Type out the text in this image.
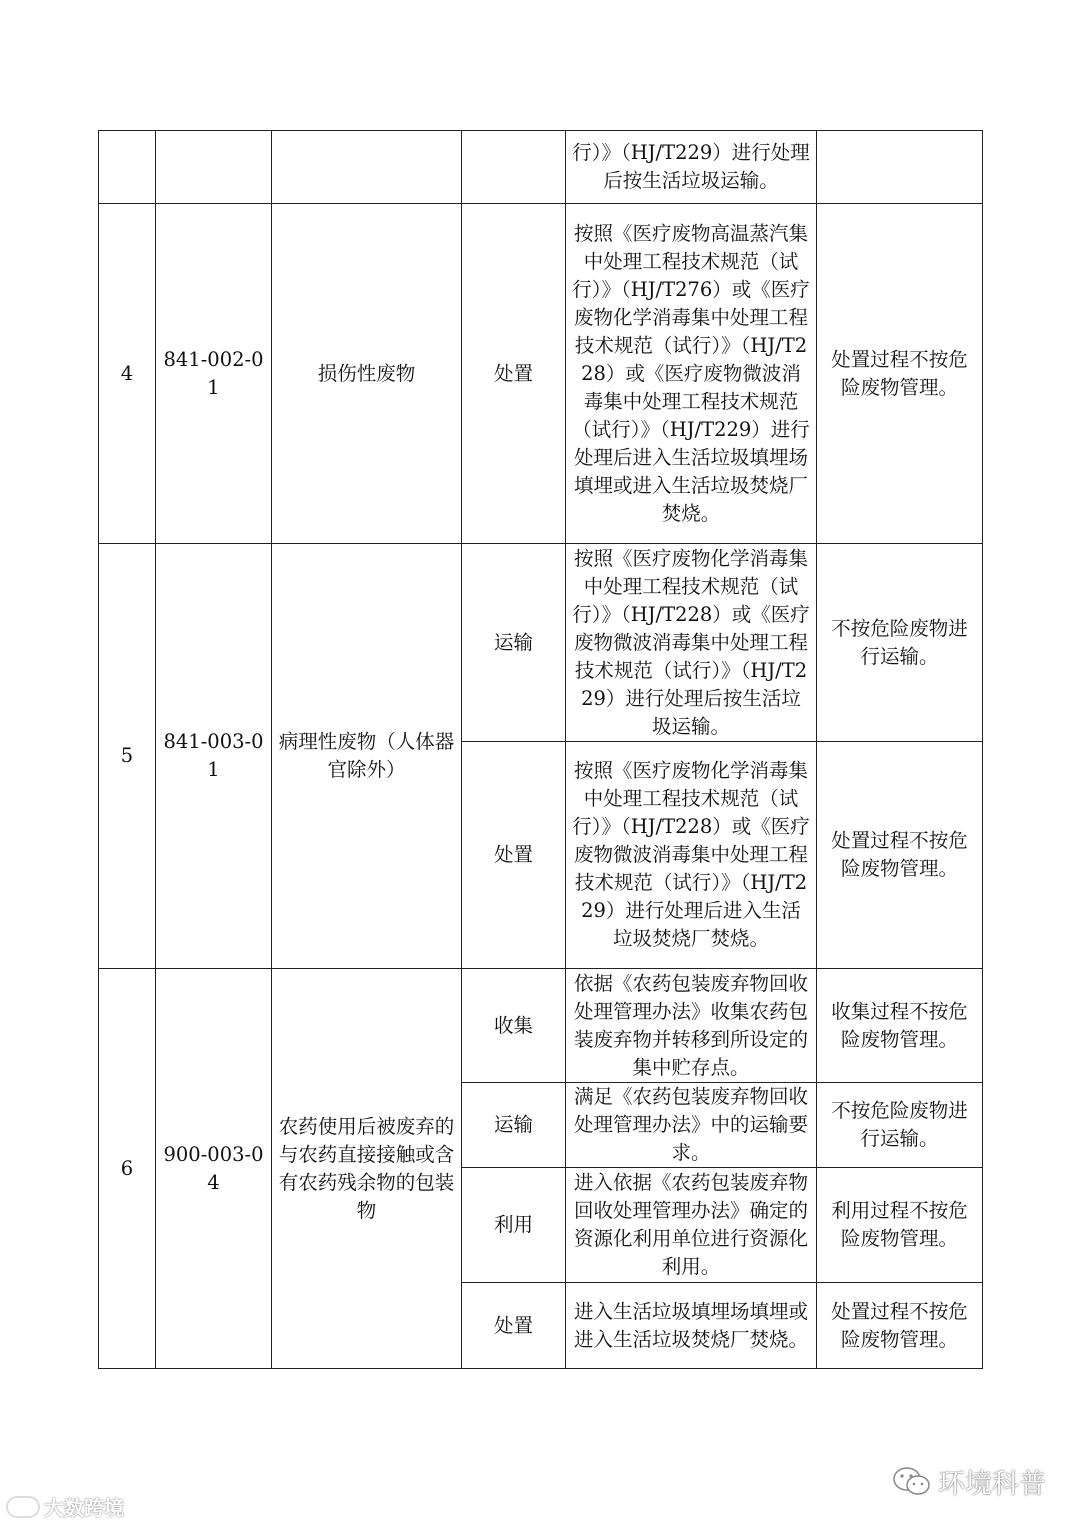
				行）》（HJ/T229）进行处理后按生活垃圾运输。	
4	841-002-01	损伤性废物	处置	按照《医疗废物高温蒸汽集中处理工程技术规范（试行）》（HJ/T276）或《医疗废物化学消毒集中处理工程技术规范（试行）》（HJ/T228）或《医疗废物微波消毒集中处理工程技术规范（试行）》（HJ/T229）进行处理后进入生活垃圾填埋场填埋或进入生活垃圾焚烧厂焚烧。	处置过程不按危险废物管理。
5	841-003-01	病理性废物（人体器官除外）	运输	按照《医疗废物化学消毒集中处理工程技术规范（试行）》（HJ/T228）或《医疗废物微波消毒集中处理工程技术规范（试行）》（HJ/T229）进行处理后按生活垃圾运输。	不按危险废物进行运输。
			处置	按照《医疗废物化学消毒集中处理工程技术规范（试行）》（HJ/T228）或《医疗废物微波消毒集中处理工程技术规范（试行）》（HJ/T229）进行处理后进入生活垃圾焚烧厂焚烧。	处置过程不按危险废物管理。
6	900-003-04	农药使用后被废弃的与农药直接接触或含有农药残余物的包装物	收集	依据《农药包装废弃物回收处理管理办法》收集农药包装废弃物并转移到所设定的集中贮存点。	收集过程不按危险废物管理。
			运输	满足《农药包装废弃物回收处理管理办法》中的运输要求。	不按危险废物进行运输。
			利用	进入依据《农药包装废弃物回收处理管理办法》确定的资源化利用单位进行资源化利用。	利用过程不按危险废物管理。
			处置	进入生活垃圾填埋场填埋或进入生活垃圾焚烧厂焚烧。	处置过程不按危险废物管理。
环境科普
大数跨境
